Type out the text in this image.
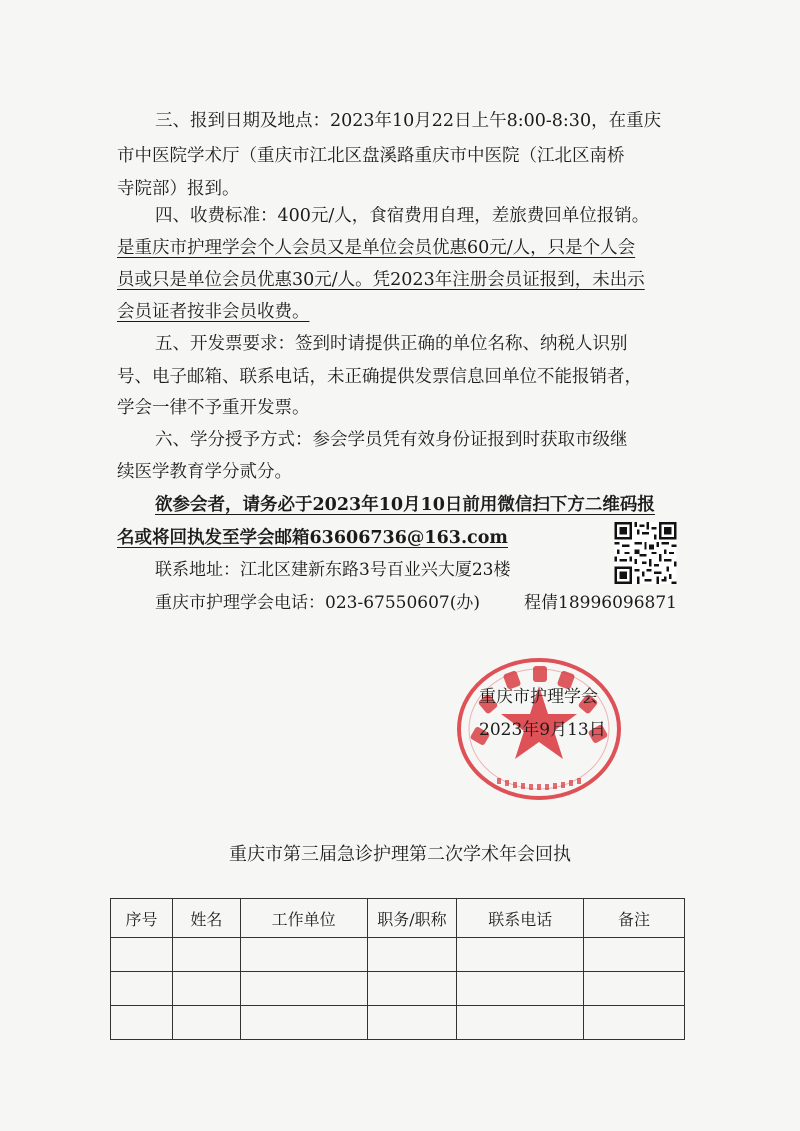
三、报到日期及地点：2023年10月22日上午8:00-8:30，在重庆
市中医院学术厅（重庆市江北区盘溪路重庆市中医院（江北区南桥
寺院部）报到。
四、收费标准：400元/人，食宿费用自理，差旅费回单位报销。
是重庆市护理学会个人会员又是单位会员优惠60元/人，只是个人会
员或只是单位会员优惠30元/人。凭2023年注册会员证报到，未出示
会员证者按非会员收费。
五、开发票要求：签到时请提供正确的单位名称、纳税人识别
号、电子邮箱、联系电话，未正确提供发票信息回单位不能报销者，
学会一律不予重开发票。
六、学分授予方式：参会学员凭有效身份证报到时获取市级继
续医学教育学分贰分。
欲参会者，请务必于2023年10月10日前用微信扫下方二维码报
名或将回执发至学会邮箱63606736@163.com
联系地址：江北区建新东路3号百业兴大厦23楼
重庆市护理学会电话：023-67550607(办)	程倩18996096871
重庆市护理学会
2023年9月13日
重庆市第三届急诊护理第二次学术年会回执
序号	姓名	工作单位	职务/职称	联系电话	备注
